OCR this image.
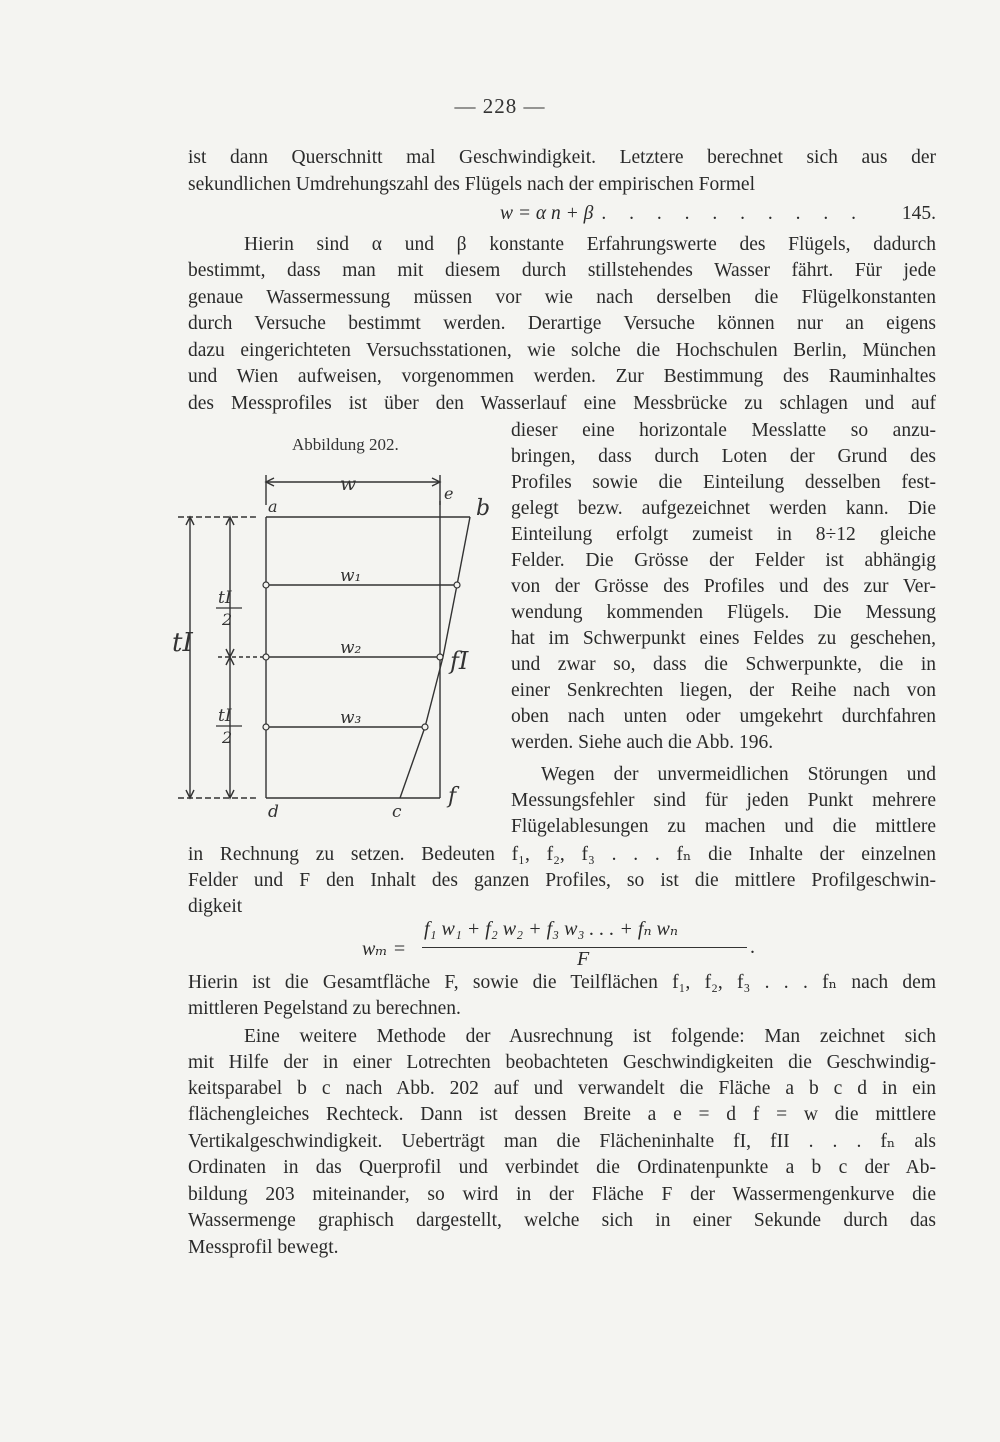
— 228 —
ist dann Querschnitt mal Geschwindigkeit. Letztere berechnet sich aus der
sekundlichen Umdrehungszahl des Flügels nach der empirischen Formel
w = α n + β . . . . . . . . . .	145.
Hierin sind α und β konstante Erfahrungswerte des Flügels, dadurch
bestimmt, dass man mit diesem durch stillstehendes Wasser fährt. Für jede
genaue Wassermessung müssen vor wie nach derselben die Flügelkonstanten
durch Versuche bestimmt werden. Derartige Versuche können nur an eigens
dazu eingerichteten Versuchsstationen, wie solche die Hochschulen Berlin, München
und Wien aufweisen, vorgenommen werden. Zur Bestimmung des Rauminhaltes
des Messprofiles ist über den Wasserlauf eine Messbrücke zu schlagen und auf
Abbildung 202.
w
a
e
b
w₁
w₂
w₃
fI
tI
tI
2
tI
2
d	c
f
dieser eine horizontale Messlatte so anzu-
bringen, dass durch Loten der Grund des
Profiles sowie die Einteilung desselben fest-
gelegt bezw. aufgezeichnet werden kann. Die
Einteilung erfolgt zumeist in 8÷12 gleiche
Felder. Die Grösse der Felder ist abhängig
von der Grösse des Profiles und des zur Ver-
wendung kommenden Flügels. Die Messung
hat im Schwerpunkt eines Feldes zu geschehen,
und zwar so, dass die Schwerpunkte, die in
einer Senkrechten liegen, der Reihe nach von
oben nach unten oder umgekehrt durchfahren
werden. Siehe auch die Abb. 196.
Wegen der unvermeidlichen Störungen und
Messungsfehler sind für jeden Punkt mehrere
Flügelablesungen zu machen und die mittlere
in Rechnung zu setzen. Bedeuten f₁, f₂, f₃ . . . fₙ die Inhalte der einzelnen
Felder und F den Inhalt des ganzen Profiles, so ist die mittlere Profilgeschwin-
digkeit
wₘ =
f₁ w₁ + f₂ w₂ + f₃ w₃ . . . + fₙ wₙ
F
.
Hierin ist die Gesamtfläche F, sowie die Teilflächen f₁, f₂, f₃ . . . fₙ nach dem
mittleren Pegelstand zu berechnen.
Eine weitere Methode der Ausrechnung ist folgende: Man zeichnet sich
mit Hilfe der in einer Lotrechten beobachteten Geschwindigkeiten die Geschwindig-
keitsparabel b c nach Abb. 202 auf und verwandelt die Fläche a b c d in ein
flächengleiches Rechteck. Dann ist dessen Breite a e = d f = w die mittlere
Vertikalgeschwindigkeit. Ueberträgt man die Flächeninhalte fI, fII . . . fₙ als
Ordinaten in das Querprofil und verbindet die Ordinatenpunkte a b c der Ab-
bildung 203 miteinander, so wird in der Fläche F der Wassermengenkurve die
Wassermenge graphisch dargestellt, welche sich in einer Sekunde durch das
Messprofil bewegt.
